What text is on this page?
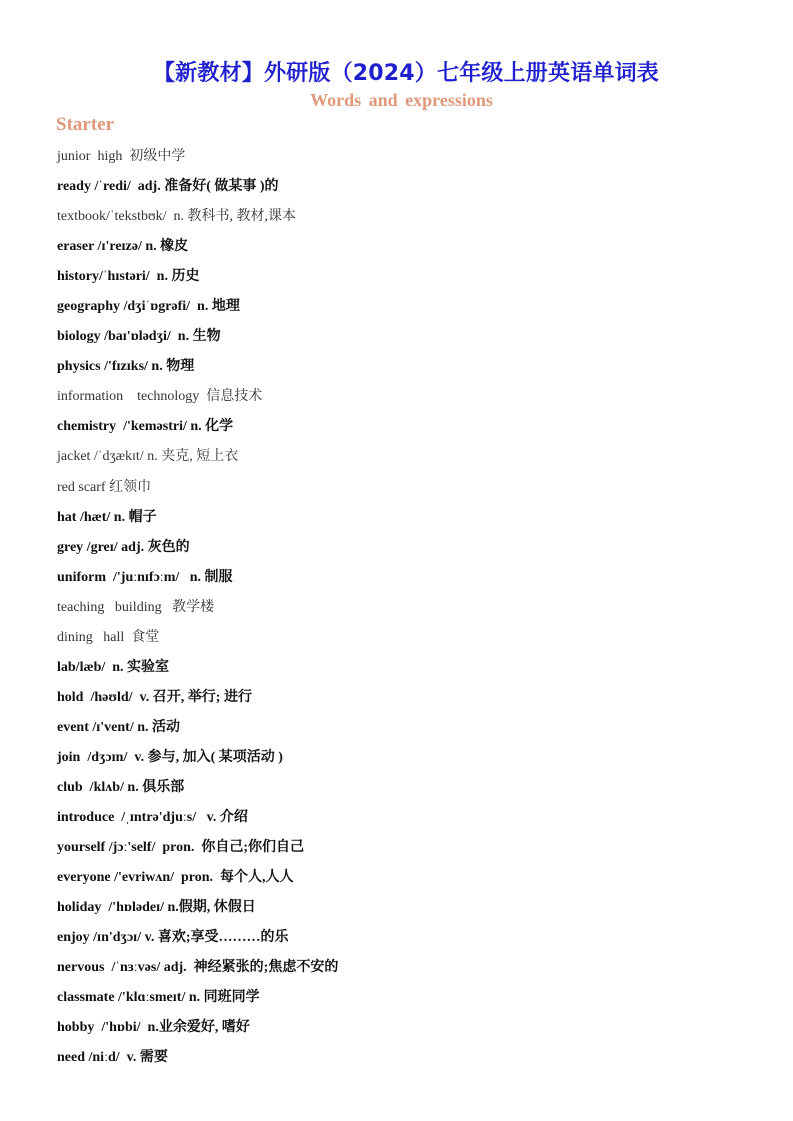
【新教材】外研版（2024）七年级上册英语单词表
Words and expressions
Starter
junior  high  初级中学
ready /ˈredi/  adj. 准备好( 做某事 )的
textbook/ˈtekstbʊk/  n. 教科书, 教材,课本
eraser /ɪ'reɪzə/ n. 橡皮
history/ˈhɪstəri/  n. 历史
geography /dʒiˈɒgrəfi/  n. 地理
biology /baɪ'ɒlədʒi/  n. 生物
physics /'fɪzɪks/ n. 物理
information    technology  信息技术
chemistry  /'keməstri/ n. 化学
jacket /ˈdʒækɪt/ n. 夹克, 短上衣
red scarf 红领巾
hat /hæt/ n. 帽子
grey /greɪ/ adj. 灰色的
uniform  /'juːnɪfɔːm/   n. 制服
teaching   building   教学楼
dining   hall  食堂
lab/læb/  n. 实验室
hold  /həʊld/  v. 召开, 举行; 进行
event /ɪ'vent/ n. 活动
join  /dʒɔɪn/  v. 参与, 加入( 某项活动 )
club  /klʌb/ n. 俱乐部
introduce  /ˌɪntrə'djuːs/   v. 介绍
yourself /jɔː'self/  pron.  你自己;你们自己
everyone /'evriwʌn/  pron.  每个人,人人
holiday  /'hɒlədeɪ/ n.假期, 休假日
enjoy /ɪn'dʒɔɪ/ v. 喜欢;享受………的乐
nervous  /ˈnɜːvəs/ adj.  神经紧张的;焦虑不安的
classmate /'klɑːsmeɪt/ n. 同班同学
hobby  /'hɒbi/  n.业余爱好, 嗜好
need /niːd/  v. 需要
